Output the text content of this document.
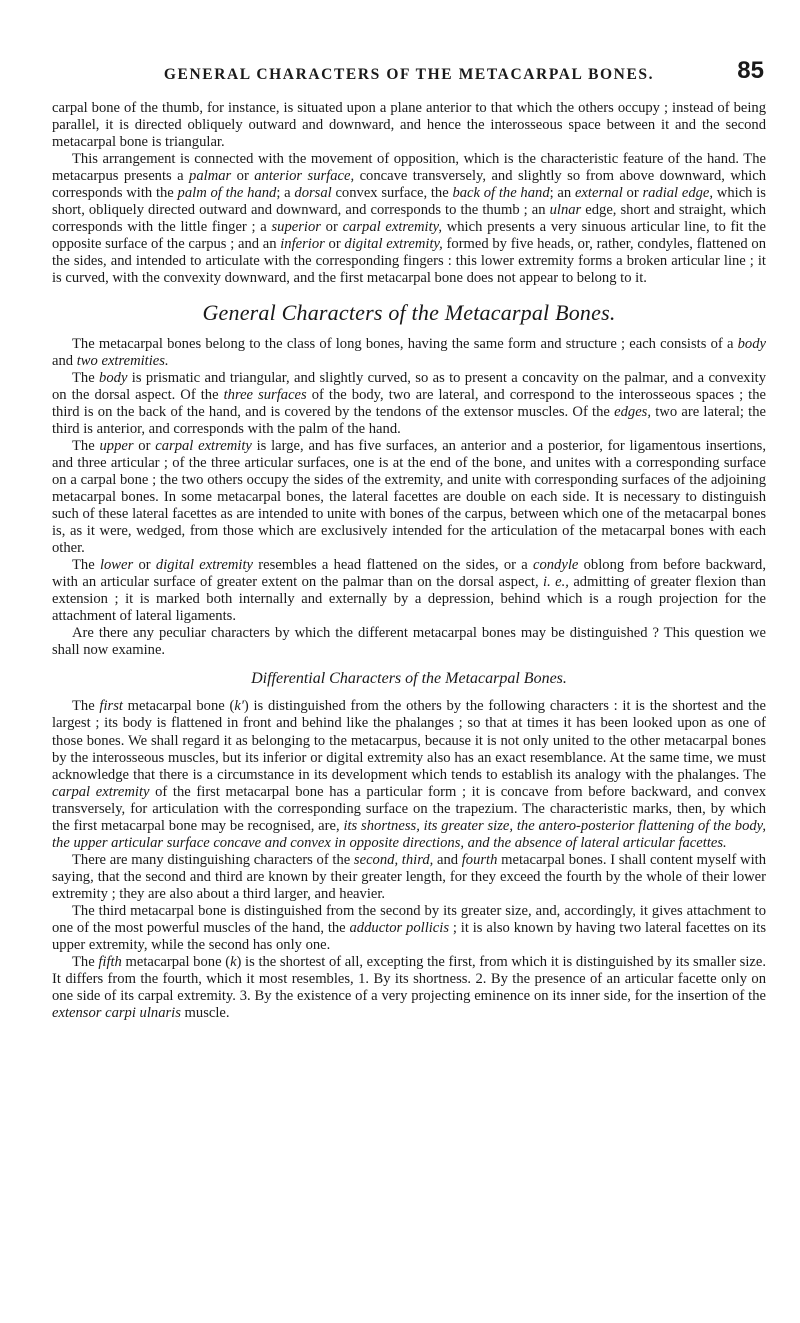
GENERAL CHARACTERS OF THE METACARPAL BONES.	85

carpal bone of the thumb, for instance, is situated upon a plane anterior to that which the others occupy ; instead of being parallel, it is directed obliquely outward and downward, and hence the interosseous space between it and the second metacarpal bone is triangular.

This arrangement is connected with the movement of opposition, which is the characteristic feature of the hand. The metacarpus presents a palmar or anterior surface, concave transversely, and slightly so from above downward, which corresponds with the palm of the hand; a dorsal convex surface, the back of the hand; an external or radial edge, which is short, obliquely directed outward and downward, and corresponds to the thumb ; an ulnar edge, short and straight, which corresponds with the little finger ; a superior or carpal extremity, which presents a very sinuous articular line, to fit the opposite surface of the carpus ; and an inferior or digital extremity, formed by five heads, or, rather, condyles, flattened on the sides, and intended to articulate with the corresponding fingers : this lower extremity forms a broken articular line ; it is curved, with the convexity downward, and the first metacarpal bone does not appear to belong to it.

General Characters of the Metacarpal Bones.

The metacarpal bones belong to the class of long bones, having the same form and structure ; each consists of a body and two extremities.

The body is prismatic and triangular, and slightly curved, so as to present a concavity on the palmar, and a convexity on the dorsal aspect. Of the three surfaces of the body, two are lateral, and correspond to the interosseous spaces ; the third is on the back of the hand, and is covered by the tendons of the extensor muscles. Of the edges, two are lateral; the third is anterior, and corresponds with the palm of the hand.

The upper or carpal extremity is large, and has five surfaces, an anterior and a posterior, for ligamentous insertions, and three articular ; of the three articular surfaces, one is at the end of the bone, and unites with a corresponding surface on a carpal bone ; the two others occupy the sides of the extremity, and unite with corresponding surfaces of the adjoining metacarpal bones. In some metacarpal bones, the lateral facettes are double on each side. It is necessary to distinguish such of these lateral facettes as are intended to unite with bones of the carpus, between which one of the metacarpal bones is, as it were, wedged, from those which are exclusively intended for the articulation of the metacarpal bones with each other.

The lower or digital extremity resembles a head flattened on the sides, or a condyle oblong from before backward, with an articular surface of greater extent on the palmar than on the dorsal aspect, i. e., admitting of greater flexion than extension ; it is marked both internally and externally by a depression, behind which is a rough projection for the attachment of lateral ligaments.

Are there any peculiar characters by which the different metacarpal bones may be distinguished ? This question we shall now examine.

Differential Characters of the Metacarpal Bones.

The first metacarpal bone (k') is distinguished from the others by the following characters : it is the shortest and the largest ; its body is flattened in front and behind like the phalanges ; so that at times it has been looked upon as one of those bones. We shall regard it as belonging to the metacarpus, because it is not only united to the other metacarpal bones by the interosseous muscles, but its inferior or digital extremity also has an exact resemblance. At the same time, we must acknowledge that there is a circumstance in its development which tends to establish its analogy with the phalanges. The carpal extremity of the first metacarpal bone has a particular form ; it is concave from before backward, and convex transversely, for articulation with the corresponding surface on the trapezium. The characteristic marks, then, by which the first metacarpal bone may be recognised, are, its shortness, its greater size, the antero-posterior flattening of the body, the upper articular surface concave and convex in opposite directions, and the absence of lateral articular facettes.

There are many distinguishing characters of the second, third, and fourth metacarpal bones. I shall content myself with saying, that the second and third are known by their greater length, for they exceed the fourth by the whole of their lower extremity ; they are also about a third larger, and heavier.

The third metacarpal bone is distinguished from the second by its greater size, and, accordingly, it gives attachment to one of the most powerful muscles of the hand, the adductor pollicis ; it is also known by having two lateral facettes on its upper extremity, while the second has only one.

The fifth metacarpal bone (k) is the shortest of all, excepting the first, from which it is distinguished by its smaller size. It differs from the fourth, which it most resembles, 1. By its shortness. 2. By the presence of an articular facette only on one side of its carpal extremity. 3. By the existence of a very projecting eminence on its inner side, for the insertion of the extensor carpi ulnaris muscle.
